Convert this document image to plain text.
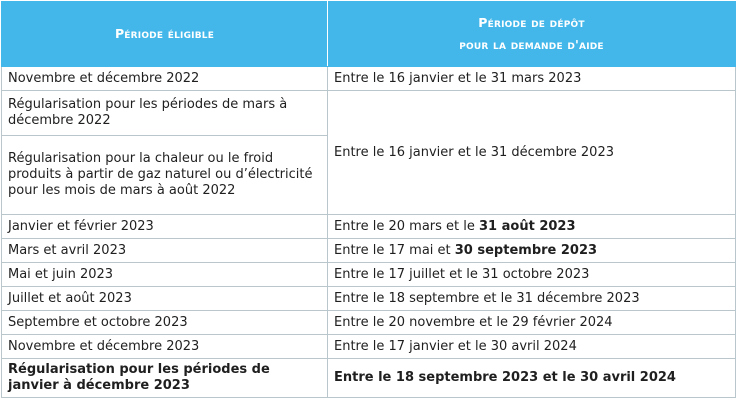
Période éligible	Période de dépôt
pour la demande d'aide

Novembre et décembre 2022	Entre le 16 janvier et le 31 mars 2023
Régularisation pour les périodes de mars à décembre 2022	Entre le 16 janvier et le 31 décembre 2023
Régularisation pour la chaleur ou le froid produits à partir de gaz naturel ou d’électricité pour les mois de mars à août 2022	
Janvier et février 2023	Entre le 20 mars et le 31 août 2023
Mars et avril 2023	Entre le 17 mai et 30 septembre 2023
Mai et juin 2023	Entre le 17 juillet et le 31 octobre 2023
Juillet et août 2023	Entre le 18 septembre et le 31 décembre 2023
Septembre et octobre 2023	Entre le 20 novembre et le 29 février 2024
Novembre et décembre 2023	Entre le 17 janvier et le 30 avril 2024
Régularisation pour les périodes de janvier à décembre 2023	Entre le 18 septembre 2023 et le 30 avril 2024
